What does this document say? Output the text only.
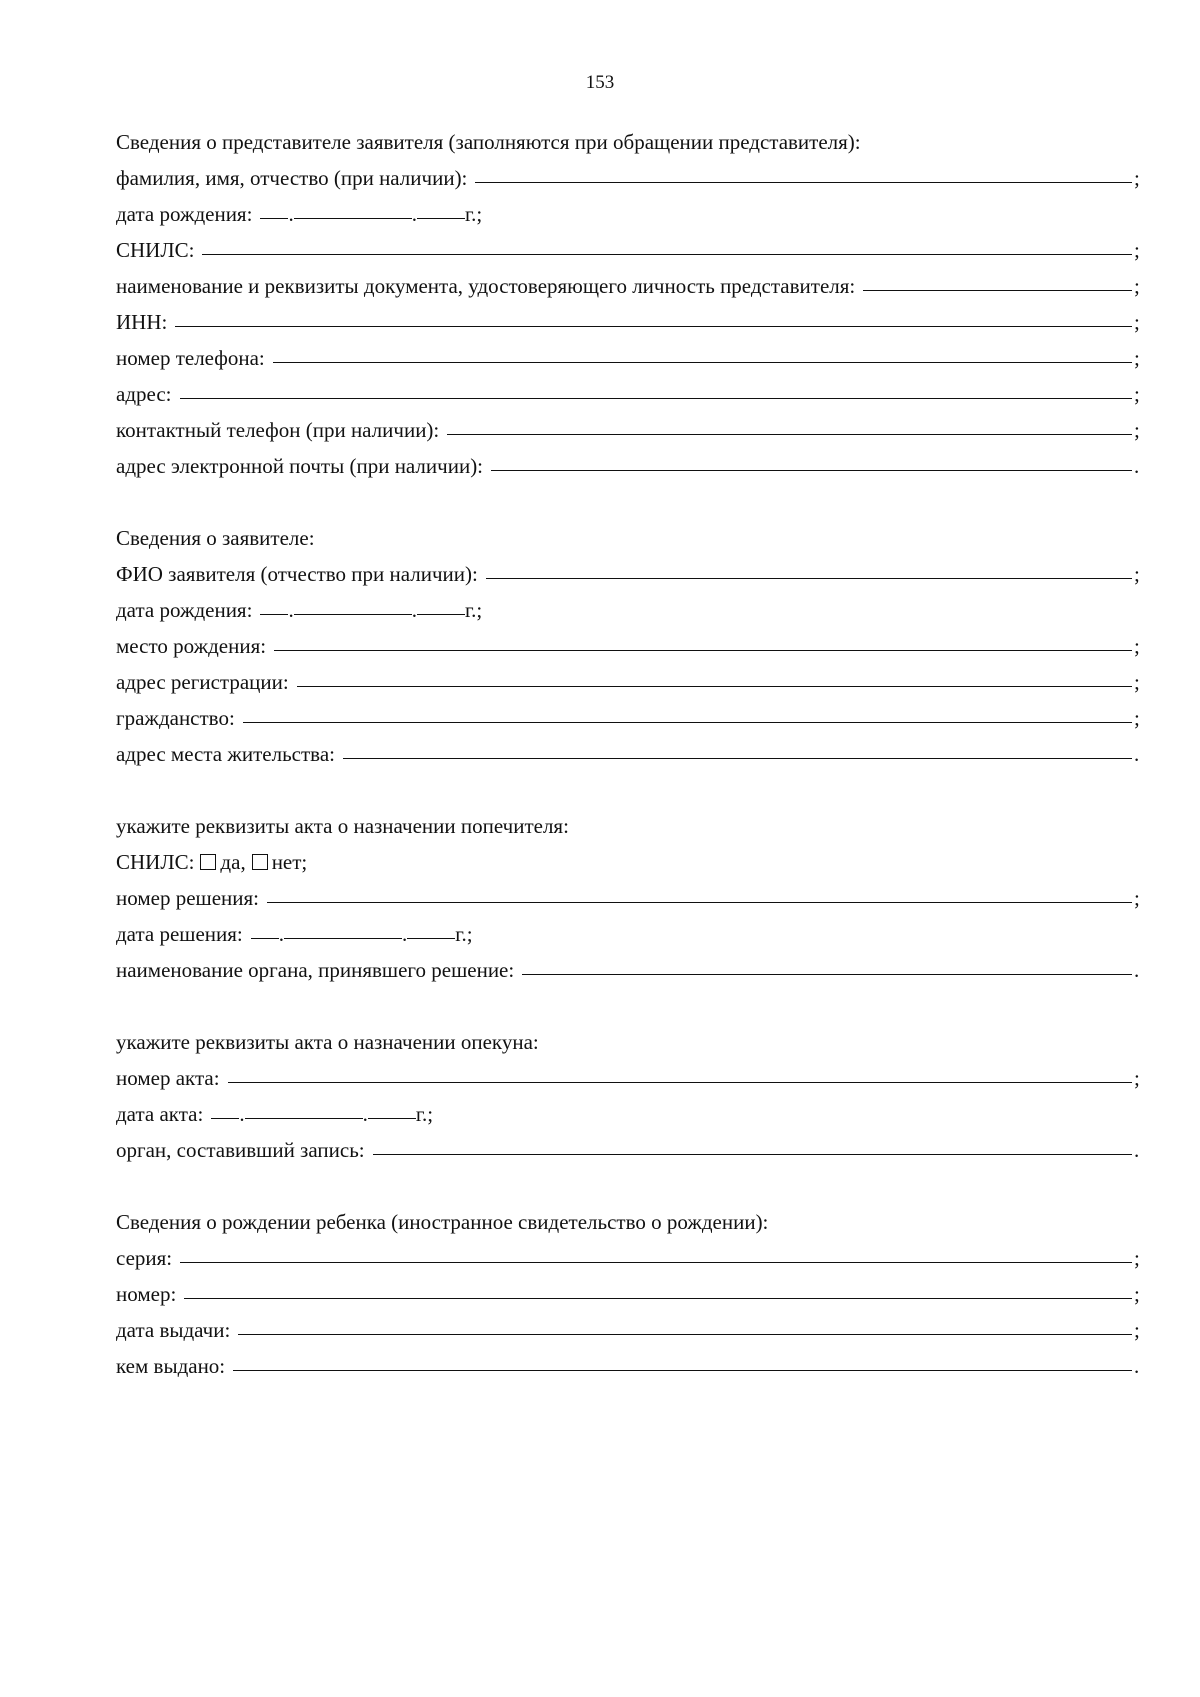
153
Сведения о представителе заявителя (заполняются при обращении представителя):
фамилия, имя, отчество (при наличии):	;
дата рождения: .	. г.;
СНИЛС:	;
наименование и реквизиты документа, удостоверяющего личность представителя:	;
ИНН:	;
номер телефона:	;
адрес:	;
контактный телефон (при наличии):	;
адрес электронной почты (при наличии):	.
Сведения о заявителе:
ФИО заявителя (отчество при наличии):	;
дата рождения: .	. г.;
место рождения:	;
адрес регистрации:	;
гражданство:	;
адрес места жительства:	.
укажите реквизиты акта о назначении попечителя:
СНИЛС: да , нет;
номер решения:	;
дата решения: .	. г.;
наименование органа, принявшего решение:	.
укажите реквизиты акта о назначении опекуна:
номер акта:	;
дата акта: .	. г.;
орган, составивший запись:	.
Сведения о рождении ребенка (иностранное свидетельство о рождении):
серия:	;
номер:	;
дата выдачи:	;
кем выдано:	.
